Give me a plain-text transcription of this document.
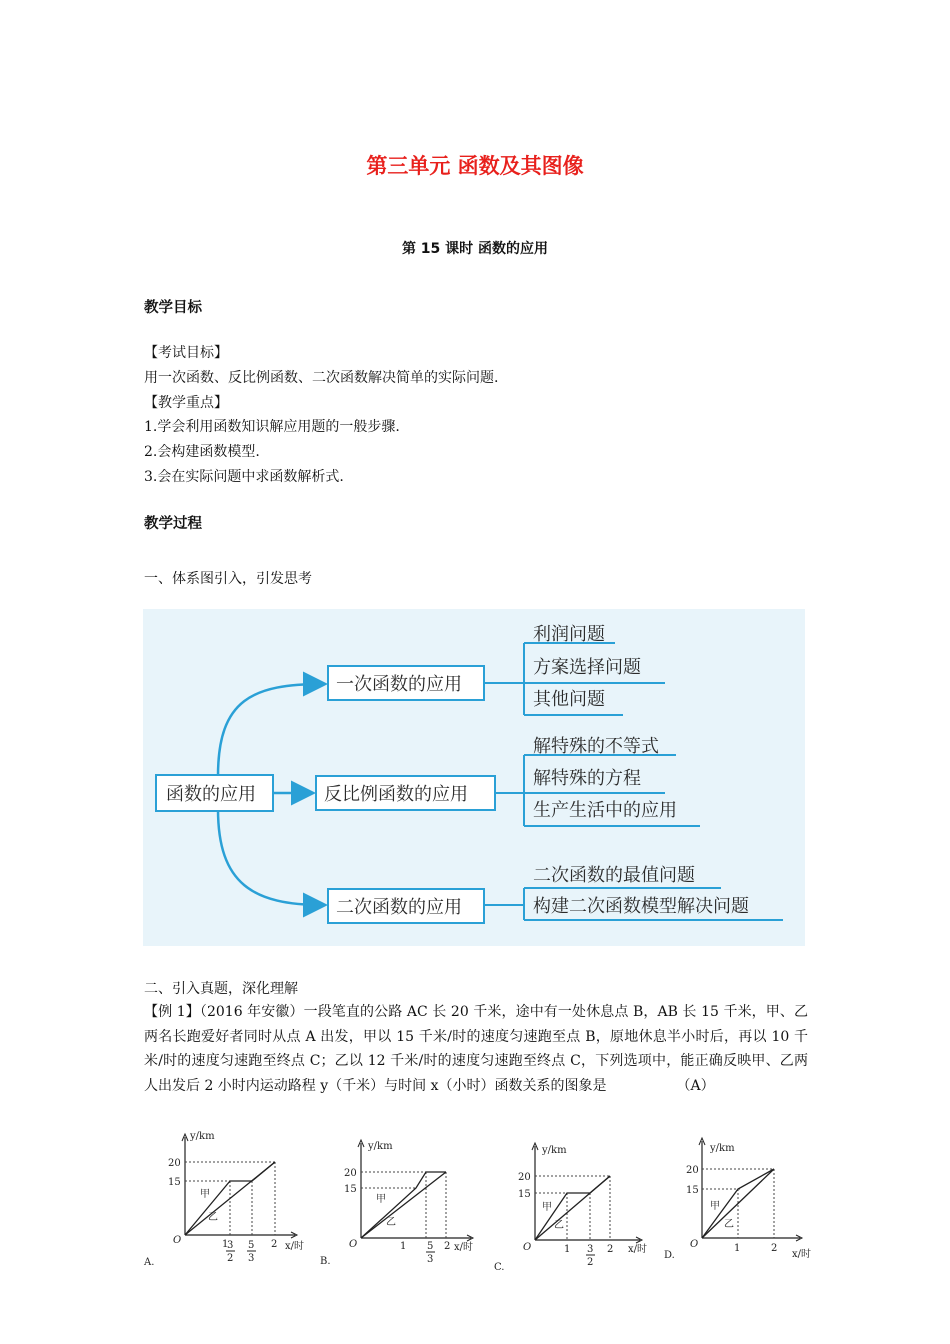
第三单元 函数及其图像
第 15 课时 函数的应用
教学目标
【考试目标】
用一次函数、反比例函数、二次函数解决简单的实际问题.
【教学重点】
1.学会利用函数知识解应用题的一般步骤.
2.会构建函数模型.
3.会在实际问题中求函数解析式.
教学过程
一、体系图引入，引发思考
函数的应用
一次函数的应用
反比例函数的应用
二次函数的应用
利润问题
方案选择问题
其他问题
解特殊的不等式
解特殊的方程
生产生活中的应用
二次函数的最值问题
构建二次函数模型解决问题
二、引入真题，深化理解
【例 1】（2016 年安徽）一段笔直的公路 AC 长 20 千米，途中有一处休息点 B，AB 长 15 千米，甲、乙两名长跑爱好者同时从点 A 出发，甲以 15 千米/时的速度匀速跑至点 B，原地休息半小时后，再以 10 千米/时的速度匀速跑至终点 C；乙以 12 千米/时的速度匀速跑至终点 C，下列选项中，能正确反映甲、乙两人出发后 2 小时内运动路程 y（千米）与时间 x（小时）函数关系的图象是	（A）
y/km
x/时
O
20
15
甲
乙
1	2
3
2
5
3
A.
y/km
x/时
O
20
15
甲
乙
1	2
5
3
B.
y/km
x/时
O
20
15
甲
乙
1	2
3
2
C.
y/km
x/时
O
20
15
甲
乙
1	2
D.
